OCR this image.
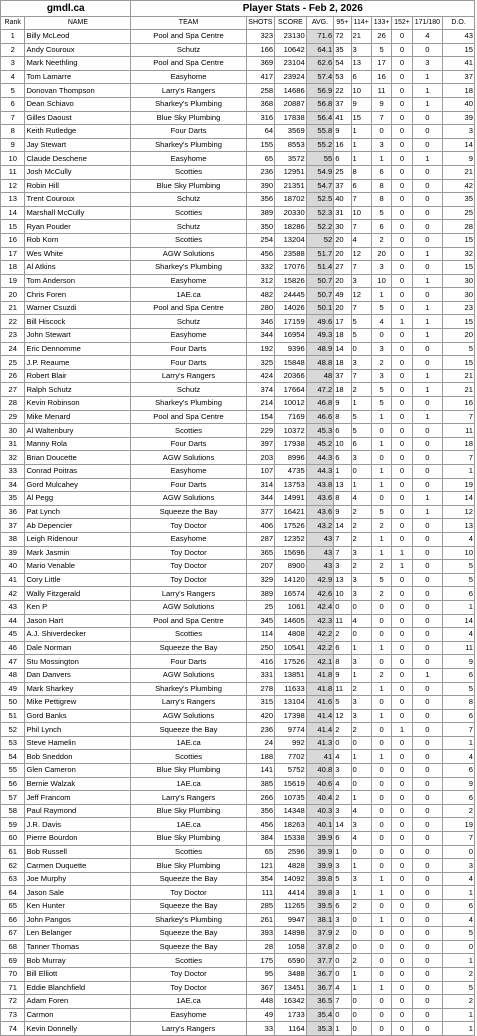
gmdl.ca		Player Stats - Feb 2, 2026									
Rank	NAME	TEAM	SHOTS	SCORE	AVG.	95+	114+	133+	152+	171/180	D.O.
1	Billy McLeod	Pool and Spa Centre	323	23130	71.6	72	21	26	0	4	43
2	Andy Couroux	Schutz	166	10642	64.1	35	3	5	0	0	15
3	Mark Neethling	Pool and Spa Centre	369	23104	62.6	54	13	17	0	3	41
4	Tom Lamarre	Easyhome	417	23924	57.4	53	6	16	0	1	37
5	Donovan Thompson	Larry's Rangers	258	14686	56.9	22	10	11	0	1	18
6	Dean Schiavo	Sharkey's Plumbing	368	20887	56.8	37	9	9	0	1	40
7	Gilles Daoust	Blue Sky Plumbing	316	17838	56.4	41	15	7	0	0	39
8	Keith Rutledge	Four Darts	64	3569	55.8	9	1	0	0	0	3
9	Jay Stewart	Sharkey's Plumbing	155	8553	55.2	16	1	3	0	0	14
10	Claude Deschene	Easyhome	65	3572	55	6	1	1	0	1	9
11	Josh McCully	Scotties	236	12951	54.9	25	8	6	0	0	21
12	Robin Hill	Blue Sky Plumbing	390	21351	54.7	37	6	8	0	0	42
13	Trent Couroux	Schutz	356	18702	52.5	40	7	8	0	0	35
14	Marshall McCully	Scotties	389	20330	52.3	31	10	5	0	0	25
15	Ryan Pouder	Schutz	350	18286	52.2	30	7	6	0	0	28
16	Rob Korn	Scotties	254	13204	52	20	4	2	0	0	15
17	Wes White	AGW Solutions	456	23588	51.7	20	12	20	0	1	32
18	Al Atkins	Sharkey's Plumbing	332	17076	51.4	27	7	3	0	0	15
19	Tom Anderson	Easyhome	312	15826	50.7	20	3	10	0	1	30
20	Chris Foren	1AE.ca	482	24445	50.7	49	12	1	0	0	30
21	Warner Csuzdi	Pool and Spa Centre	280	14026	50.1	20	7	5	0	1	23
22	Bill Hiscock	Schutz	346	17159	49.6	17	5	4	1	1	15
23	John Stewart	Easyhome	344	16954	49.3	18	5	0	0	1	20
24	Eric Dennomme	Four Darts	192	9396	48.9	14	0	3	0	0	5
25	J.P. Reaume	Four Darts	325	15848	48.8	18	3	2	0	0	15
26	Robert Blair	Larry's Rangers	424	20366	48	37	7	3	0	1	21
27	Ralph Schutz	Schutz	374	17664	47.2	18	2	5	0	1	21
28	Kevin Robinson	Sharkey's Plumbing	214	10012	46.8	9	1	5	0	0	16
29	Mike Menard	Pool and Spa Centre	154	7169	46.6	8	5	1	0	1	7
30	Al Waltenbury	Scotties	229	10372	45.3	6	5	0	0	0	11
31	Manny Rola	Four Darts	397	17938	45.2	10	6	1	0	0	18
32	Brian Doucette	AGW Solutions	203	8996	44.3	6	3	0	0	0	7
33	Conrad Poitras	Easyhome	107	4735	44.3	1	0	1	0	0	1
34	Gord Mulcahey	Four Darts	314	13753	43.8	13	1	1	0	0	19
35	Al Pegg	AGW Solutions	344	14991	43.6	8	4	0	0	1	14
36	Pat Lynch	Squeeze the Bay	377	16421	43.6	9	2	5	0	1	12
37	Ab Depencier	Toy Doctor	406	17526	43.2	14	2	2	0	0	13
38	Leigh Ridenour	Easyhome	287	12352	43	7	2	1	0	0	4
39	Mark Jasmin	Toy Doctor	365	15696	43	7	3	1	1	0	10
40	Mario Venable	Toy Doctor	207	8900	43	3	2	2	1	0	5
41	Cory Little	Toy Doctor	329	14120	42.9	13	3	5	0	0	5
42	Wally Fitzgerald	Larry's Rangers	389	16574	42.6	10	3	2	0	0	6
43	Ken P	AGW Solutions	25	1061	42.4	0	0	0	0	0	1
44	Jason Hart	Pool and Spa Centre	345	14605	42.3	11	4	0	0	0	14
45	A.J. Shiverdecker	Scotties	114	4808	42.2	2	0	0	0	0	4
46	Dale Norman	Squeeze the Bay	250	10541	42.2	6	1	1	0	0	11
47	Stu Mossington	Four Darts	416	17526	42.1	8	3	0	0	0	9
48	Dan Danvers	AGW Solutions	331	13851	41.8	9	1	2	0	1	6
49	Mark Sharkey	Sharkey's Plumbing	278	11633	41.8	11	2	1	0	0	5
50	Mike Pettigrew	Larry's Rangers	315	13104	41.6	5	3	0	0	0	8
51	Gord Banks	AGW Solutions	420	17398	41.4	12	3	1	0	0	6
52	Phil Lynch	Squeeze the Bay	236	9774	41.4	2	2	0	1	0	7
53	Steve Hamelin	1AE.ca	24	992	41.3	0	0	0	0	0	1
54	Bob Sneddon	Scotties	188	7702	41	4	1	1	0	0	4
55	Glen Cameron	Blue Sky Plumbing	141	5752	40.8	3	0	0	0	0	6
56	Bernie Walzak	1AE.ca	385	15619	40.6	4	0	0	0	0	9
57	Jeff Francom	Larry's Rangers	266	10735	40.4	2	1	0	0	0	6
58	Paul Raymond	Blue Sky Plumbing	356	14348	40.3	3	4	0	0	0	2
59	J.R. Davis	1AE.ca	456	18263	40.1	14	3	0	0	0	19
60	Pierre Bourdon	Blue Sky Plumbing	384	15338	39.9	6	4	0	0	0	7
61	Bob Russell	Scotties	65	2596	39.9	1	0	0	0	0	0
62	Carmen Duquette	Blue Sky Plumbing	121	4828	39.9	3	1	0	0	0	3
63	Joe Murphy	Squeeze the Bay	354	14092	39.8	5	3	1	0	0	4
64	Jason Sale	Toy Doctor	111	4414	39.8	3	1	1	0	0	1
65	Ken Hunter	Squeeze the Bay	285	11265	39.5	6	2	0	0	0	6
66	John Pangos	Sharkey's Plumbing	261	9947	38.1	3	0	1	0	0	4
67	Len Belanger	Squeeze the Bay	393	14898	37.9	2	0	0	0	0	5
68	Tanner Thomas	Squeeze the Bay	28	1058	37.8	2	0	0	0	0	0
69	Bob Murray	Scotties	175	6590	37.7	0	2	0	0	0	1
70	Bill Elliott	Toy Doctor	95	3488	36.7	0	1	0	0	0	2
71	Eddie Blanchfield	Toy Doctor	367	13451	36.7	4	1	1	0	0	5
72	Adam Foren	1AE.ca	448	16342	36.5	7	0	0	0	0	2
73	Carmon	Easyhome	49	1733	35.4	0	0	0	0	0	1
74	Kevin Donnelly	Larry's Rangers	33	1164	35.3	1	0	0	0	0	1
